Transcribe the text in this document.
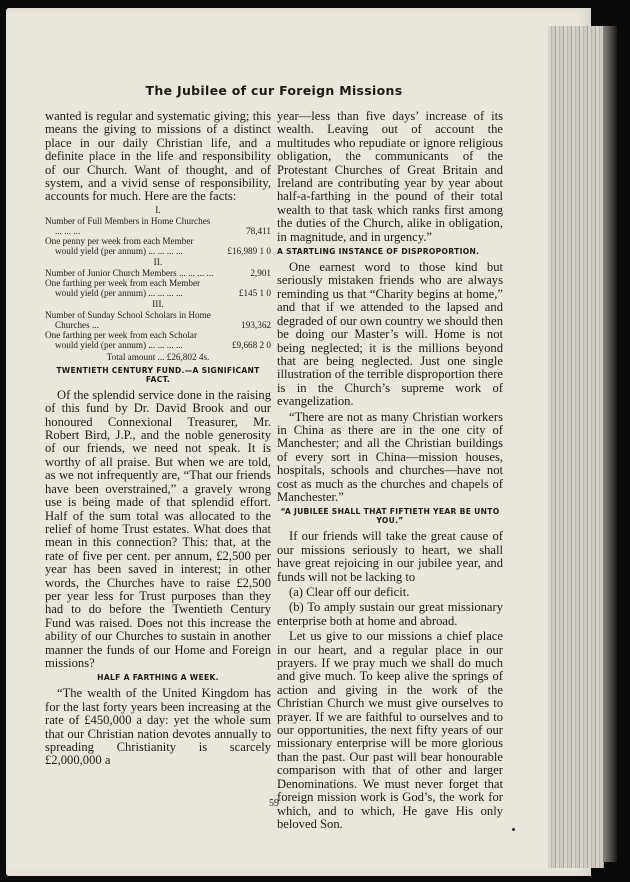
The Jubilee of cur Foreign Missions

wanted is regular and systematic giving; this means the giving to missions of a distinct place in our daily Christian life, and a definite place in the life and responsibility of our Church. Want of thought, and of system, and a vivid sense of responsibility, accounts for much. Here are the facts:

I.
Number of Full Members in Home Churches ... ... ...	78,411
One penny per week from each Member would yield (per annum) ... ... ... ...	£16,989 1 0
II.
Number of Junior Church Members ... ... ... ...	2,901
One farthing per week from each Member would yield (per annum) ... ... ... ...	£145 1 0
III.
Number of Sunday School Scholars in Home Churches ...	193,362
One farthing per week from each Scholar would yield (per annum) ... ... ... ...	£9,668 2 0
Total amount ... £26,802 4s.
TWENTIETH CENTURY FUND.—A SIGNIFICANT FACT.

Of the splendid service done in the raising of this fund by Dr. David Brook and our honoured Connexional Treasurer, Mr. Robert Bird, J.P., and the noble generosity of our friends, we need not speak. It is worthy of all praise. But when we are told, as we not infrequently are, “That our friends have been overstrained,” a gravely wrong use is being made of that splendid effort. Half of the sum total was allocated to the relief of home Trust estates. What does that mean in this connection? This: that, at the rate of five per cent. per annum, £2,500 per year has been saved in interest; in other words, the Churches have to raise £2,500 per year less for Trust purposes than they had to do before the Twentieth Century Fund was raised. Does not this increase the ability of our Churches to sustain in another manner the funds of our Home and Foreign missions?

HALF A FARTHING A WEEK.

“The wealth of the United Kingdom has for the last forty years been increasing at the rate of £450,000 a day: yet the whole sum that our Christian nation devotes annually to spreading Christianity is scarcely £2,000,000 a

year—less than five days’ increase of its wealth. Leaving out of account the multitudes who repudiate or ignore religious obligation, the communicants of the Protestant Churches of Great Britain and Ireland are contributing year by year about half-a-farthing in the pound of their total wealth to that task which ranks first among the duties of the Church, alike in obligation, in magnitude, and in urgency.”

A STARTLING INSTANCE OF DISPROPORTION.

One earnest word to those kind but seriously mistaken friends who are always reminding us that “Charity begins at home,” and that if we attended to the lapsed and degraded of our own country we should then be doing our Master’s will. Home is not being neglected; it is the millions beyond that are being neglected. Just one single illustration of the terrible disproportion there is in the Church’s supreme work of evangelization.

“There are not as many Christian workers in China as there are in the one city of Manchester; and all the Christian buildings of every sort in China—mission houses, hospitals, schools and churches—have not cost as much as the churches and chapels of Manchester.”

“A JUBILEE SHALL THAT FIFTIETH YEAR BE UNTO YOU.”

If our friends will take the great cause of our missions seriously to heart, we shall have great rejoicing in our jubilee year, and funds will not be lacking to

(a) Clear off our deficit.

(b) To amply sustain our great missionary enterprise both at home and abroad.

Let us give to our missions a chief place in our heart, and a regular place in our prayers. If we pray much we shall do much and give much. To keep alive the springs of action and giving in the work of the Christian Church we must give ourselves to prayer. If we are faithful to ourselves and to our opportunities, the next fifty years of our missionary enterprise will be more glorious than the past. Our past will bear honourable comparison with that of other and larger Denominations. We must never forget that foreign mission work is God’s, the work for which, and to which, He gave His only beloved Son.

59
